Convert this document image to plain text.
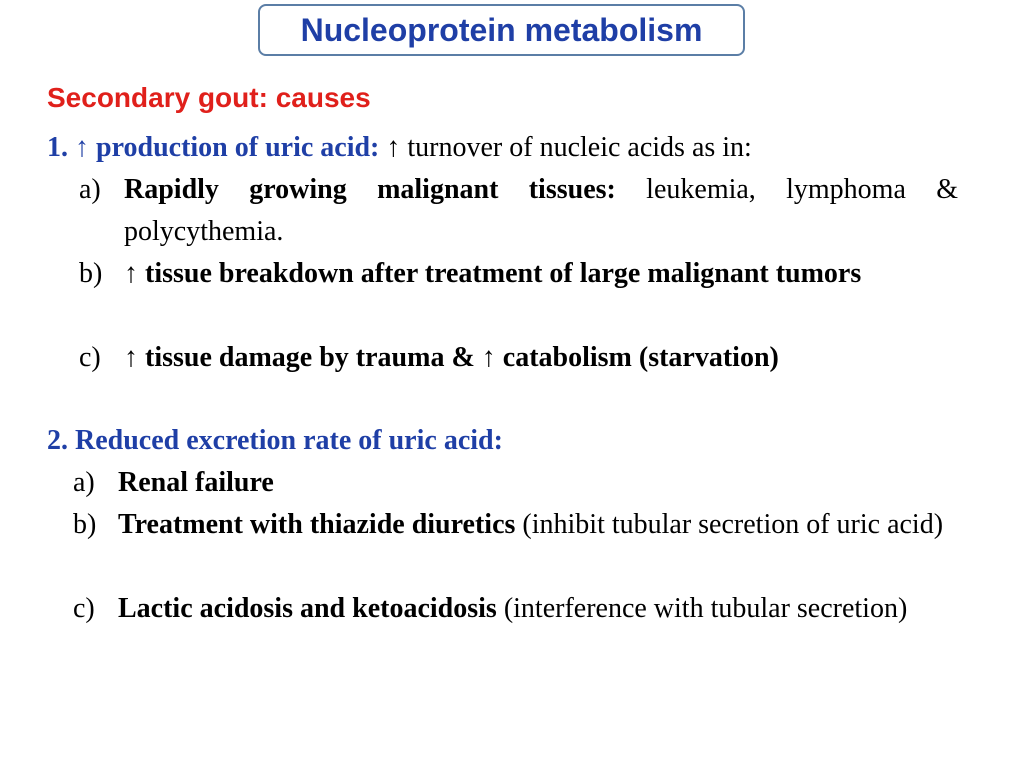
Nucleoprotein metabolism
Secondary gout: causes
1. ↑ production of uric acid: ↑ turnover of nucleic acids as in:
a) Rapidly growing malignant tissues: leukemia, lymphoma & polycythemia.
b) ↑ tissue breakdown after treatment of large malignant tumors
c) ↑ tissue damage by trauma & ↑ catabolism (starvation)
2. Reduced excretion rate of uric acid:
a) Renal failure
b) Treatment with thiazide diuretics (inhibit tubular secretion of uric acid)
c) Lactic acidosis and ketoacidosis (interference with tubular secretion)
